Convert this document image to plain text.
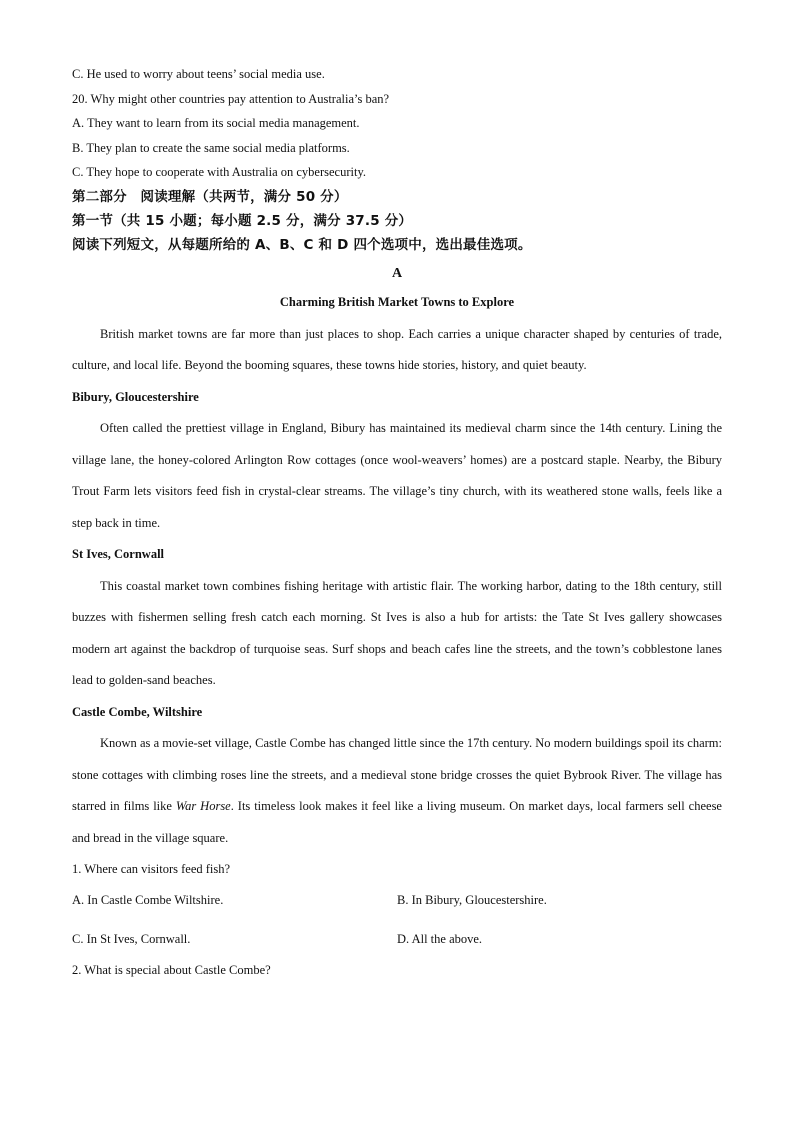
C. He used to worry about teens’ social media use.
20. Why might other countries pay attention to Australia’s ban?
A. They want to learn from its social media management.
B. They plan to create the same social media platforms.
C. They hope to cooperate with Australia on cybersecurity.
第二部分　阅读理解（共两节，满分 50 分）
第一节（共 15 小题；每小题 2.5 分，满分 37.5 分）
阅读下列短文，从每题所给的 A、B、C 和 D 四个选项中，选出最佳选项。
A
Charming British Market Towns to Explore

British market towns are far more than just places to shop. Each carries a unique character shaped by centuries of trade, culture, and local life. Beyond the booming squares, these towns hide stories, history, and quiet beauty.

Bibury, Gloucestershire

Often called the prettiest village in England, Bibury has maintained its medieval charm since the 14th century. Lining the village lane, the honey-colored Arlington Row cottages (once wool-weavers’ homes) are a postcard staple. Nearby, the Bibury Trout Farm lets visitors feed fish in crystal-clear streams. The village’s tiny church, with its weathered stone walls, feels like a step back in time.

St Ives, Cornwall

This coastal market town combines fishing heritage with artistic flair. The working harbor, dating to the 18th century, still buzzes with fishermen selling fresh catch each morning. St Ives is also a hub for artists: the Tate St Ives gallery showcases modern art against the backdrop of turquoise seas. Surf shops and beach cafes line the streets, and the town’s cobblestone lanes lead to golden-sand beaches.

Castle Combe, Wiltshire

Known as a movie-set village, Castle Combe has changed little since the 17th century. No modern buildings spoil its charm: stone cottages with climbing roses line the streets, and a medieval stone bridge crosses the quiet Bybrook River. The village has starred in films like War Horse. Its timeless look makes it feel like a living museum. On market days, local farmers sell cheese and bread in the village square.

1. Where can visitors feed fish?
A. In Castle Combe Wiltshire.	B. In Bibury, Gloucestershire.
C. In St Ives, Cornwall.	D. All the above.
2. What is special about Castle Combe?
